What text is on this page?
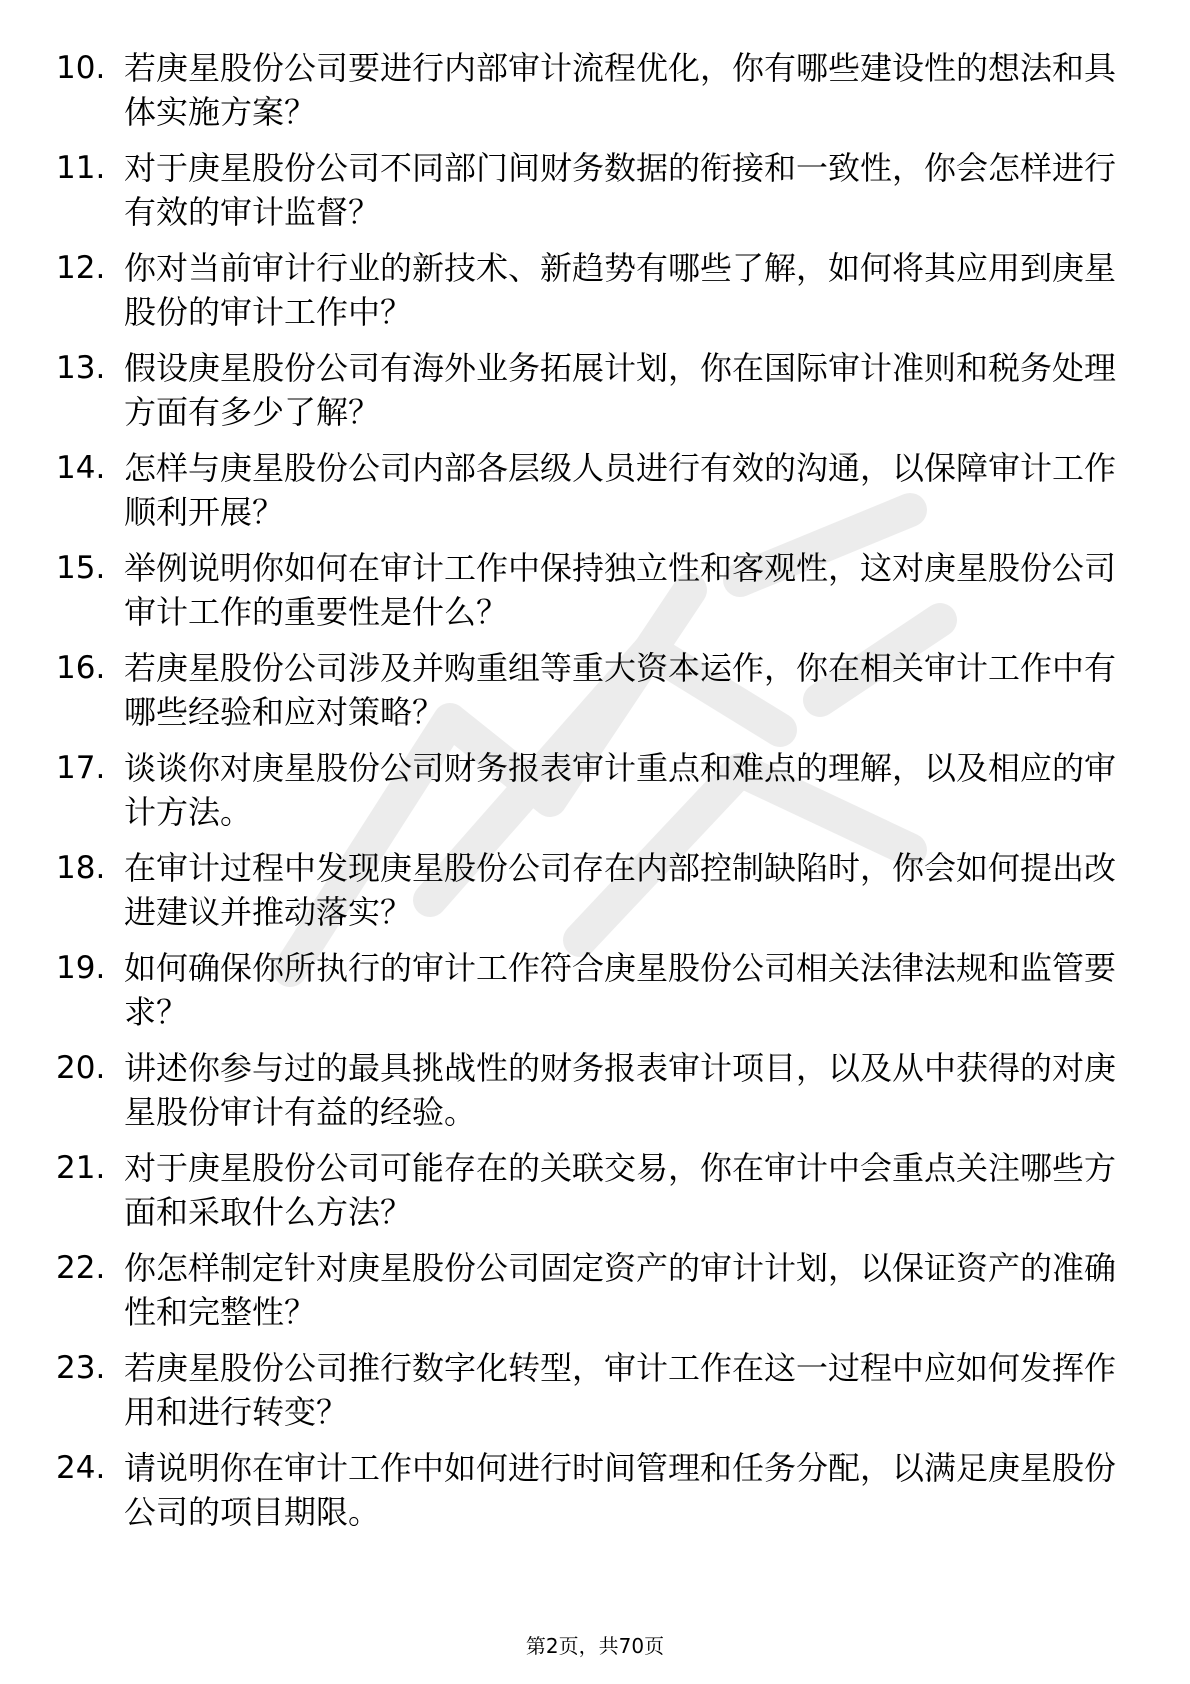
10. 若庚星股份公司要进行内部审计流程优化，你有哪些建设性的想法和具体实施方案？
11. 对于庚星股份公司不同部门间财务数据的衔接和一致性，你会怎样进行有效的审计监督？
12. 你对当前审计行业的新技术、新趋势有哪些了解，如何将其应用到庚星股份的审计工作中？
13. 假设庚星股份公司有海外业务拓展计划，你在国际审计准则和税务处理方面有多少了解？
14. 怎样与庚星股份公司内部各层级人员进行有效的沟通，以保障审计工作顺利开展？
15. 举例说明你如何在审计工作中保持独立性和客观性，这对庚星股份公司审计工作的重要性是什么？
16. 若庚星股份公司涉及并购重组等重大资本运作，你在相关审计工作中有哪些经验和应对策略？
17. 谈谈你对庚星股份公司财务报表审计重点和难点的理解，以及相应的审计方法。
18. 在审计过程中发现庚星股份公司存在内部控制缺陷时，你会如何提出改进建议并推动落实？
19. 如何确保你所执行的审计工作符合庚星股份公司相关法律法规和监管要求？
20. 讲述你参与过的最具挑战性的财务报表审计项目，以及从中获得的对庚星股份审计有益的经验。
21. 对于庚星股份公司可能存在的关联交易，你在审计中会重点关注哪些方面和采取什么方法？
22. 你怎样制定针对庚星股份公司固定资产的审计计划，以保证资产的准确性和完整性？
23. 若庚星股份公司推行数字化转型，审计工作在这一过程中应如何发挥作用和进行转变？
24. 请说明你在审计工作中如何进行时间管理和任务分配，以满足庚星股份公司的项目期限。
第2页，共70页
